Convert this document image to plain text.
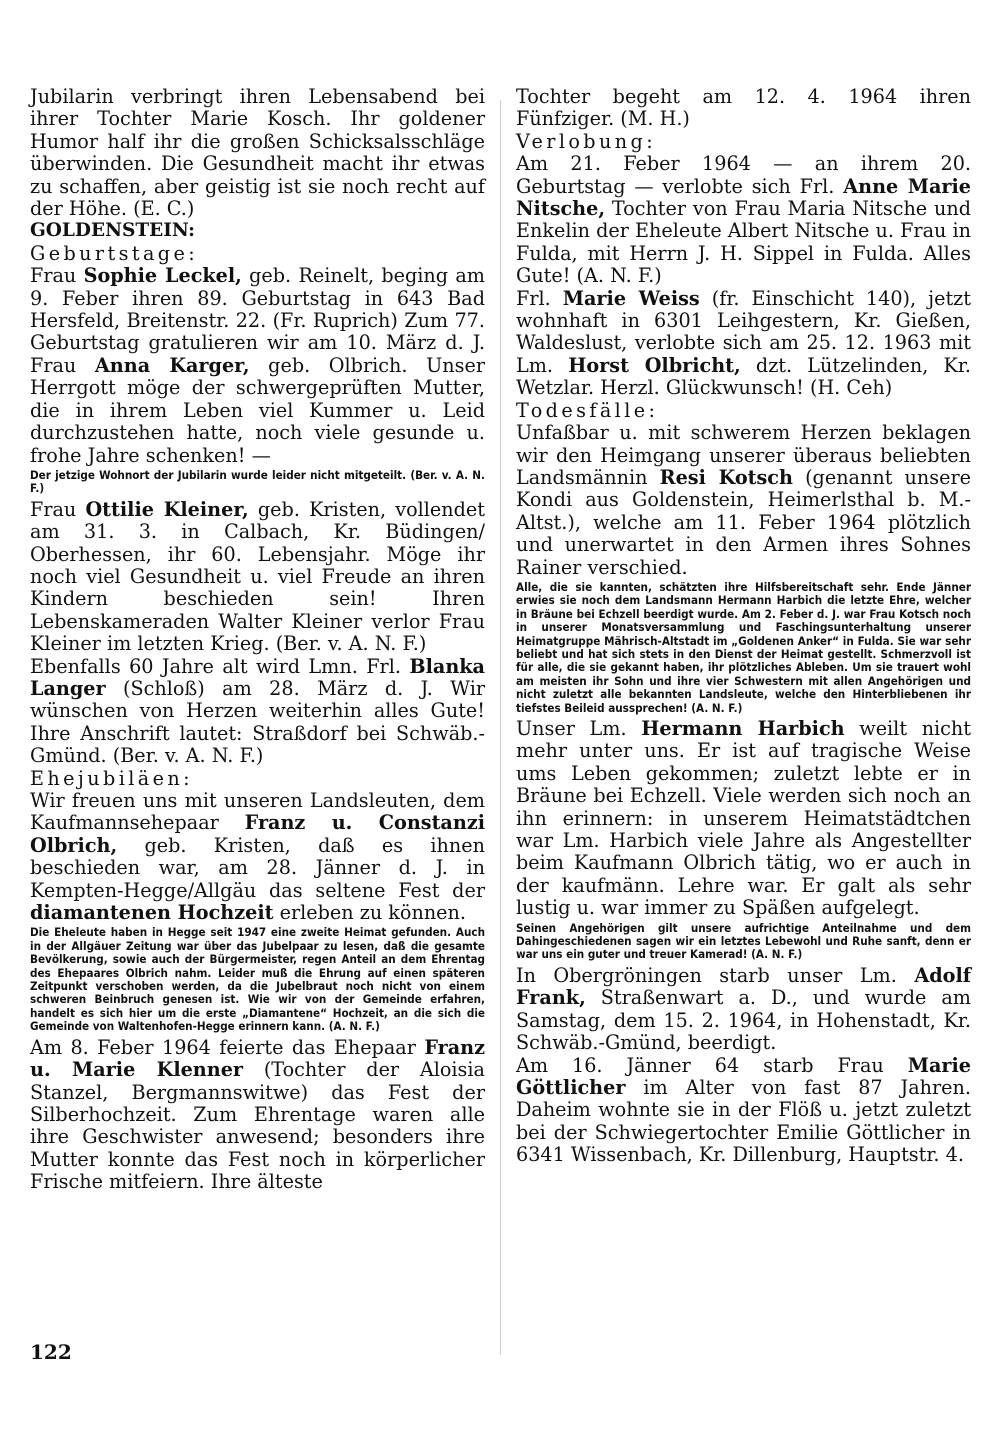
Jubilarin verbringt ihren Lebensabend bei ihrer Tochter Marie Kosch. Ihr goldener Humor half ihr die großen Schicksalsschläge überwinden. Die Gesundheit macht ihr etwas zu schaffen, aber geistig ist sie noch recht auf der Höhe. (E. C.)

GOLDENSTEIN:

Geburtstage:

Frau Sophie Leckel, geb. Reinelt, beging am 9. Feber ihren 89. Geburtstag in 643 Bad Hersfeld, Breitenstr. 22. (Fr. Ruprich) Zum 77. Geburtstag gratulieren wir am 10. März d. J. Frau Anna Karger, geb. Olbrich. Unser Herrgott möge der schwergeprüften Mutter, die in ihrem Leben viel Kummer u. Leid durchzustehen hatte, noch viele gesunde u. frohe Jahre schenken! —

Der jetzige Wohnort der Jubilarin wurde leider nicht mitgeteilt. (Ber. v. A. N. F.)

Frau Ottilie Kleiner, geb. Kristen, vollendet am 31. 3. in Calbach, Kr. Büdingen/ Oberhessen, ihr 60. Lebensjahr. Möge ihr noch viel Gesundheit u. viel Freude an ihren Kindern beschieden sein! Ihren Lebenskameraden Walter Kleiner verlor Frau Kleiner im letzten Krieg. (Ber. v. A. N. F.)

Ebenfalls 60 Jahre alt wird Lmn. Frl. Blanka Langer (Schloß) am 28. März d. J. Wir wünschen von Herzen weiterhin alles Gute! Ihre Anschrift lautet: Straßdorf bei Schwäb.-Gmünd. (Ber. v. A. N. F.)

Ehejubiläen:

Wir freuen uns mit unseren Landsleuten, dem Kaufmannsehepaar Franz u. Constanzi Olbrich, geb. Kristen, daß es ihnen beschieden war, am 28. Jänner d. J. in Kempten-Hegge/Allgäu das seltene Fest der diamantenen Hochzeit erleben zu können.

Die Eheleute haben in Hegge seit 1947 eine zweite Heimat gefunden. Auch in der Allgäuer Zeitung war über das Jubelpaar zu lesen, daß die gesamte Bevölkerung, sowie auch der Bürgermeister, regen Anteil an dem Ehrentag des Ehepaares Olbrich nahm. Leider muß die Ehrung auf einen späteren Zeitpunkt verschoben werden, da die Jubelbraut noch nicht von einem schweren Beinbruch genesen ist. Wie wir von der Gemeinde erfahren, handelt es sich hier um die erste „Diamantene“ Hochzeit, an die sich die Gemeinde von Waltenhofen-Hegge erinnern kann. (A. N. F.)

Am 8. Feber 1964 feierte das Ehepaar Franz u. Marie Klenner (Tochter der Aloisia Stanzel, Bergmannswitwe) das Fest der Silberhochzeit. Zum Ehrentage waren alle ihre Geschwister anwesend; besonders ihre Mutter konnte das Fest noch in körperlicher Frische mitfeiern. Ihre älteste

Tochter begeht am 12. 4. 1964 ihren Fünfziger. (M. H.)

Verlobung:

Am 21. Feber 1964 — an ihrem 20. Geburtstag — verlobte sich Frl. Anne Marie Nitsche, Tochter von Frau Maria Nitsche und Enkelin der Eheleute Albert Nitsche u. Frau in Fulda, mit Herrn J. H. Sippel in Fulda. Alles Gute! (A. N. F.)

Frl. Marie Weiss (fr. Einschicht 140), jetzt wohnhaft in 6301 Leihgestern, Kr. Gießen, Waldeslust, verlobte sich am 25. 12. 1963 mit Lm. Horst Olbricht, dzt. Lützelinden, Kr. Wetzlar. Herzl. Glückwunsch! (H. Ceh)

Todesfälle:

Unfaßbar u. mit schwerem Herzen beklagen wir den Heimgang unserer überaus beliebten Landsmännin Resi Kotsch (genannt unsere Kondi aus Goldenstein, Heimerlsthal b. M.-Altst.), welche am 11. Feber 1964 plötzlich und unerwartet in den Armen ihres Sohnes Rainer verschied.

Alle, die sie kannten, schätzten ihre Hilfsbereitschaft sehr. Ende Jänner erwies sie noch dem Landsmann Hermann Harbich die letzte Ehre, welcher in Bräune bei Echzell beerdigt wurde. Am 2. Feber d. J. war Frau Kotsch noch in unserer Monatsversammlung und Faschingsunterhaltung unserer Heimatgruppe Mährisch-Altstadt im „Goldenen Anker“ in Fulda. Sie war sehr beliebt und hat sich stets in den Dienst der Heimat gestellt. Schmerzvoll ist für alle, die sie gekannt haben, ihr plötzliches Ableben. Um sie trauert wohl am meisten ihr Sohn und ihre vier Schwestern mit allen Angehörigen und nicht zuletzt alle bekannten Landsleute, welche den Hinterbliebenen ihr tiefstes Beileid aussprechen! (A. N. F.)

Unser Lm. Hermann Harbich weilt nicht mehr unter uns. Er ist auf tragische Weise ums Leben gekommen; zuletzt lebte er in Bräune bei Echzell. Viele werden sich noch an ihn erinnern: in unserem Heimatstädtchen war Lm. Harbich viele Jahre als Angestellter beim Kaufmann Olbrich tätig, wo er auch in der kaufmänn. Lehre war. Er galt als sehr lustig u. war immer zu Späßen aufgelegt.

Seinen Angehörigen gilt unsere aufrichtige Anteilnahme und dem Dahingeschiedenen sagen wir ein letztes Lebewohl und Ruhe sanft, denn er war uns ein guter und treuer Kamerad! (A. N. F.)

In Obergröningen starb unser Lm. Adolf Frank, Straßenwart a. D., und wurde am Samstag, dem 15. 2. 1964, in Hohenstadt, Kr. Schwäb.-Gmünd, beerdigt.

Am 16. Jänner 64 starb Frau Marie Göttlicher im Alter von fast 87 Jahren. Daheim wohnte sie in der Flöß u. jetzt zuletzt bei der Schwiegertochter Emilie Göttlicher in 6341 Wissenbach, Kr. Dillenburg, Hauptstr. 4.

122
